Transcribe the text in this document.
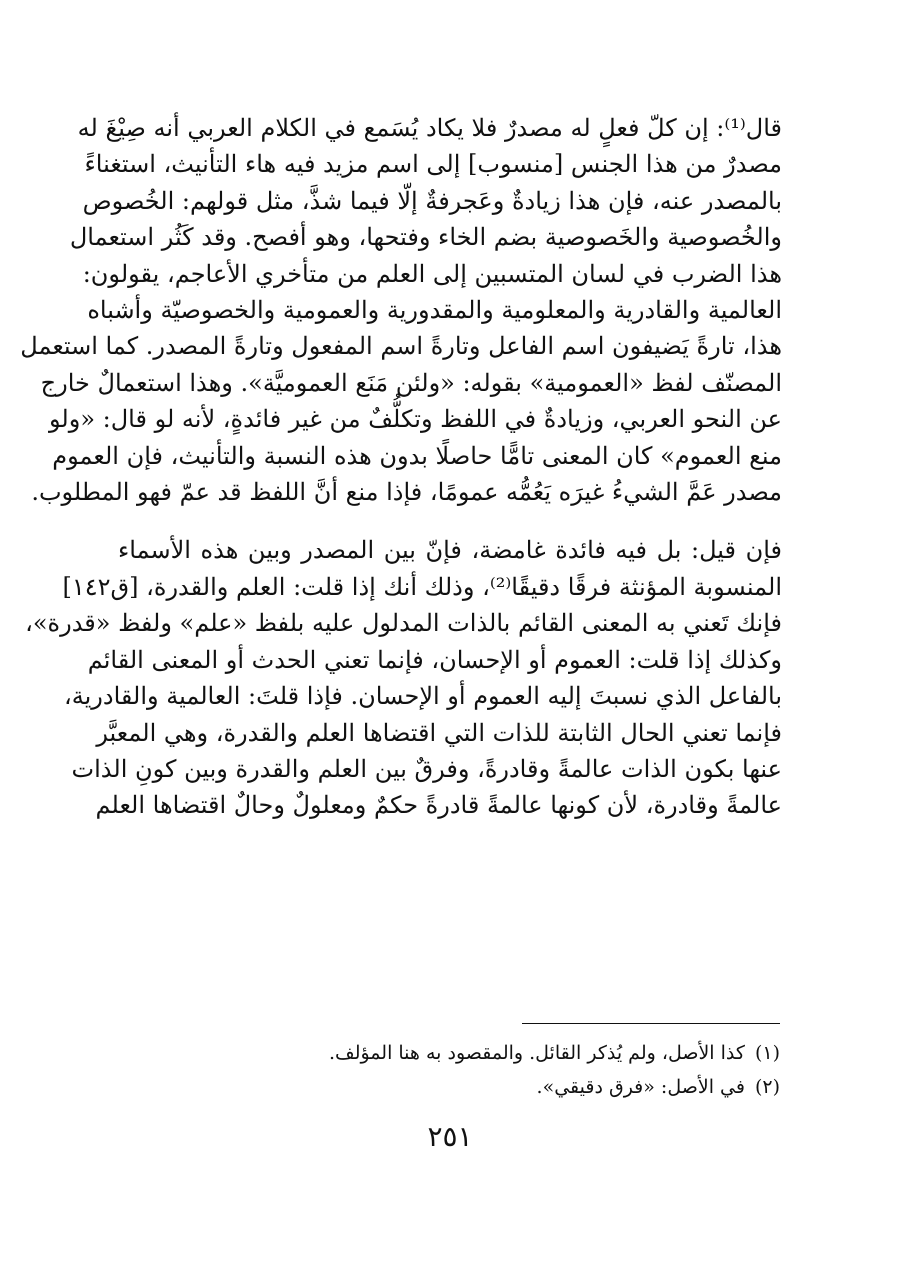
قال⁽¹⁾: إن كلّ فعلٍ له مصدرٌ فلا يكاد يُسَمع في الكلام العربي أنه صِيْغَ له
مصدرٌ من هذا الجنس [منسوب] إلى اسم مزيد فيه هاء التأنيث، استغناءً
بالمصدر عنه، فإن هذا زيادةٌ وعَجرفةٌ إلّا فيما شذَّ، مثل قولهم: الخُصوص
والخُصوصية والخَصوصية بضم الخاء وفتحها، وهو أفصح. وقد كَثُر استعمال
هذا الضرب في لسان المتسبين إلى العلم من متأخري الأعاجم، يقولون:
العالمية والقادرية والمعلومية والمقدورية والعمومية والخصوصيّة وأشباه
هذا، تارةً يَضيفون اسم الفاعل وتارةً اسم المفعول وتارةً المصدر. كما استعمل
المصنّف لفظ «العمومية» بقوله: «ولئن مَنَع العموميَّة». وهذا استعمالٌ خارج
عن النحو العربي، وزيادةٌ في اللفظ وتكلُّفٌ من غير فائدةٍ، لأنه لو قال: «ولو
منع العموم» كان المعنى تامًّا حاصلًا بدون هذه النسبة والتأنيث، فإن العموم
مصدر عَمَّ الشيءُ غيرَه يَعُمُّه عمومًا، فإذا منع أنَّ اللفظ قد عمّ فهو المطلوب.

فإن قيل: بل فيه فائدة غامضة، فإنّ بين المصدر وبين هذه الأسماء
المنسوبة المؤنثة فرقًا دقيقًا⁽²⁾، وذلك أنك إذا قلت: العلم والقدرة، [ق١٤٢]
فإنك تَعني به المعنى القائم بالذات المدلول عليه بلفظ «علم» ولفظ «قدرة»،
وكذلك إذا قلت: العموم أو الإحسان، فإنما تعني الحدث أو المعنى القائم
بالفاعل الذي نسبتَ إليه العموم أو الإحسان. فإذا قلتَ: العالمية والقادرية،
فإنما تعني الحال الثابتة للذات التي اقتضاها العلم والقدرة، وهي المعبَّر
عنها بكون الذات عالمةً وقادرةً، وفرقٌ بين العلم والقدرة وبين كونِ الذات
عالمةً وقادرة، لأن كونها عالمةً قادرةً حكمٌ ومعلولٌ وحالٌ اقتضاها العلم

(١)كذا الأصل، ولم يُذكر القائل. والمقصود به هنا المؤلف.
(٢)في الأصل: «فرق دقيقي».
٢٥١
